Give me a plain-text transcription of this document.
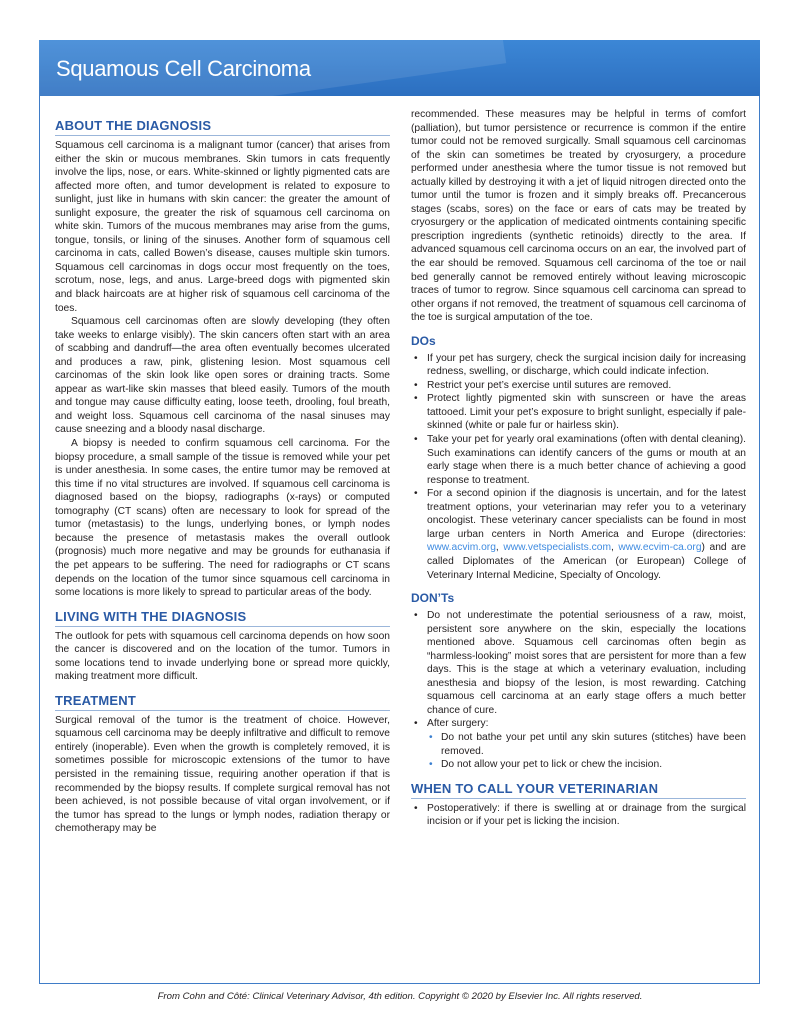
Squamous Cell Carcinoma
ABOUT THE DIAGNOSIS

Squamous cell carcinoma is a malignant tumor (cancer) that arises from either the skin or mucous membranes. Skin tumors in cats frequently involve the lips, nose, or ears. White-skinned or lightly pigmented cats are affected more often, and tumor development is related to exposure to sunlight, just like in humans with skin cancer: the greater the amount of sunlight exposure, the greater the risk of squamous cell carcinoma on white skin. Tumors of the mucous membranes may arise from the gums, tongue, tonsils, or lining of the sinuses. Another form of squamous cell carcinoma in cats, called Bowen’s disease, causes multiple skin tumors. Squamous cell carcinomas in dogs occur most frequently on the toes, scrotum, nose, legs, and anus. Large-breed dogs with pigmented skin and black haircoats are at higher risk of squamous cell carcinoma of the toes.

Squamous cell carcinomas often are slowly developing (they often take weeks to enlarge visibly). The skin cancers often start with an area of scabbing and dandruff—the area often eventually becomes ulcerated and produces a raw, pink, glistening lesion. Most squamous cell carcinomas of the skin look like open sores or draining tracts. Some appear as wart-like skin masses that bleed easily. Tumors of the mouth and tongue may cause difficulty eating, loose teeth, drooling, foul breath, and weight loss. Squamous cell carcinoma of the nasal sinuses may cause sneezing and a bloody nasal discharge.

A biopsy is needed to confirm squamous cell carcinoma. For the biopsy procedure, a small sample of the tissue is removed while your pet is under anesthesia. In some cases, the entire tumor may be removed at this time if no vital structures are involved. If squamous cell carcinoma is diagnosed based on the biopsy, radiographs (x-rays) or computed tomography (CT scans) often are necessary to look for spread of the tumor (metastasis) to the lungs, underlying bones, or lymph nodes because the presence of metastasis makes the overall outlook (prognosis) much more negative and may be grounds for euthanasia if the pet appears to be suffering. The need for radiographs or CT scans depends on the location of the tumor since squamous cell carcinoma in some locations is more likely to spread to particular areas of the body.

LIVING WITH THE DIAGNOSIS

The outlook for pets with squamous cell carcinoma depends on how soon the cancer is discovered and on the location of the tumor. Tumors in some locations tend to invade underlying bone or spread more quickly, making treatment more difficult.

TREATMENT

Surgical removal of the tumor is the treatment of choice. However, squamous cell carcinoma may be deeply infiltrative and difficult to remove entirely (inoperable). Even when the growth is completely removed, it is sometimes possible for microscopic extensions of the tumor to have persisted in the remaining tissue, requiring another operation if that is recommended by the biopsy results. If complete surgical removal has not been achieved, is not possible because of vital organ involvement, or if the tumor has spread to the lungs or lymph nodes, radiation therapy or chemotherapy may be

recommended. These measures may be helpful in terms of comfort (palliation), but tumor persistence or recurrence is common if the entire tumor could not be removed surgically. Small squamous cell carcinomas of the skin can sometimes be treated by cryosurgery, a procedure performed under anesthesia where the tumor tissue is not removed but actually killed by destroying it with a jet of liquid nitrogen directed onto the tumor until the tumor is frozen and it simply breaks off. Precancerous stages (scabs, sores) on the face or ears of cats may be treated by cryosurgery or the application of medicated ointments containing specific prescription ingredients (synthetic retinoids) directly to the area. If advanced squamous cell carcinoma occurs on an ear, the involved part of the ear should be removed. Squamous cell carcinoma of the toe or nail bed generally cannot be removed entirely without leaving microscopic traces of tumor to regrow. Since squamous cell carcinoma can spread to other organs if not removed, the treatment of squamous cell carcinoma of the toe is surgical amputation of the toe.

DOs
• If your pet has surgery, check the surgical incision daily for increasing redness, swelling, or discharge, which could indicate infection.
• Restrict your pet’s exercise until sutures are removed.
• Protect lightly pigmented skin with sunscreen or have the areas tattooed. Limit your pet’s exposure to bright sunlight, especially if pale-skinned (white or pale fur or hairless skin).
• Take your pet for yearly oral examinations (often with dental cleaning). Such examinations can identify cancers of the gums or mouth at an early stage when there is a much better chance of achieving a good response to treatment.
• For a second opinion if the diagnosis is uncertain, and for the latest treatment options, your veterinarian may refer you to a veterinary oncologist. These veterinary cancer specialists can be found in most large urban centers in North America and Europe (directories: www.acvim.org, www.vetspecialists.com, www.ecvim-ca.org) and are called Diplomates of the American (or European) College of Veterinary Internal Medicine, Specialty of Oncology.
DON’Ts
• Do not underestimate the potential seriousness of a raw, moist, persistent sore anywhere on the skin, especially the locations mentioned above. Squamous cell carcinomas often begin as “harmless-looking” moist sores that are persistent for more than a few days. This is the stage at which a veterinary evaluation, including anesthesia and biopsy of the lesion, is most rewarding. Catching squamous cell carcinoma at an early stage offers a much better chance of cure.
• After surgery:
• Do not bathe your pet until any skin sutures (stitches) have been removed.
• Do not allow your pet to lick or chew the incision.
WHEN TO CALL YOUR VETERINARIAN
• Postoperatively: if there is swelling at or drainage from the surgical incision or if your pet is licking the incision.
From Cohn and Côté: Clinical Veterinary Advisor, 4th edition. Copyright © 2020 by Elsevier Inc. All rights reserved.
